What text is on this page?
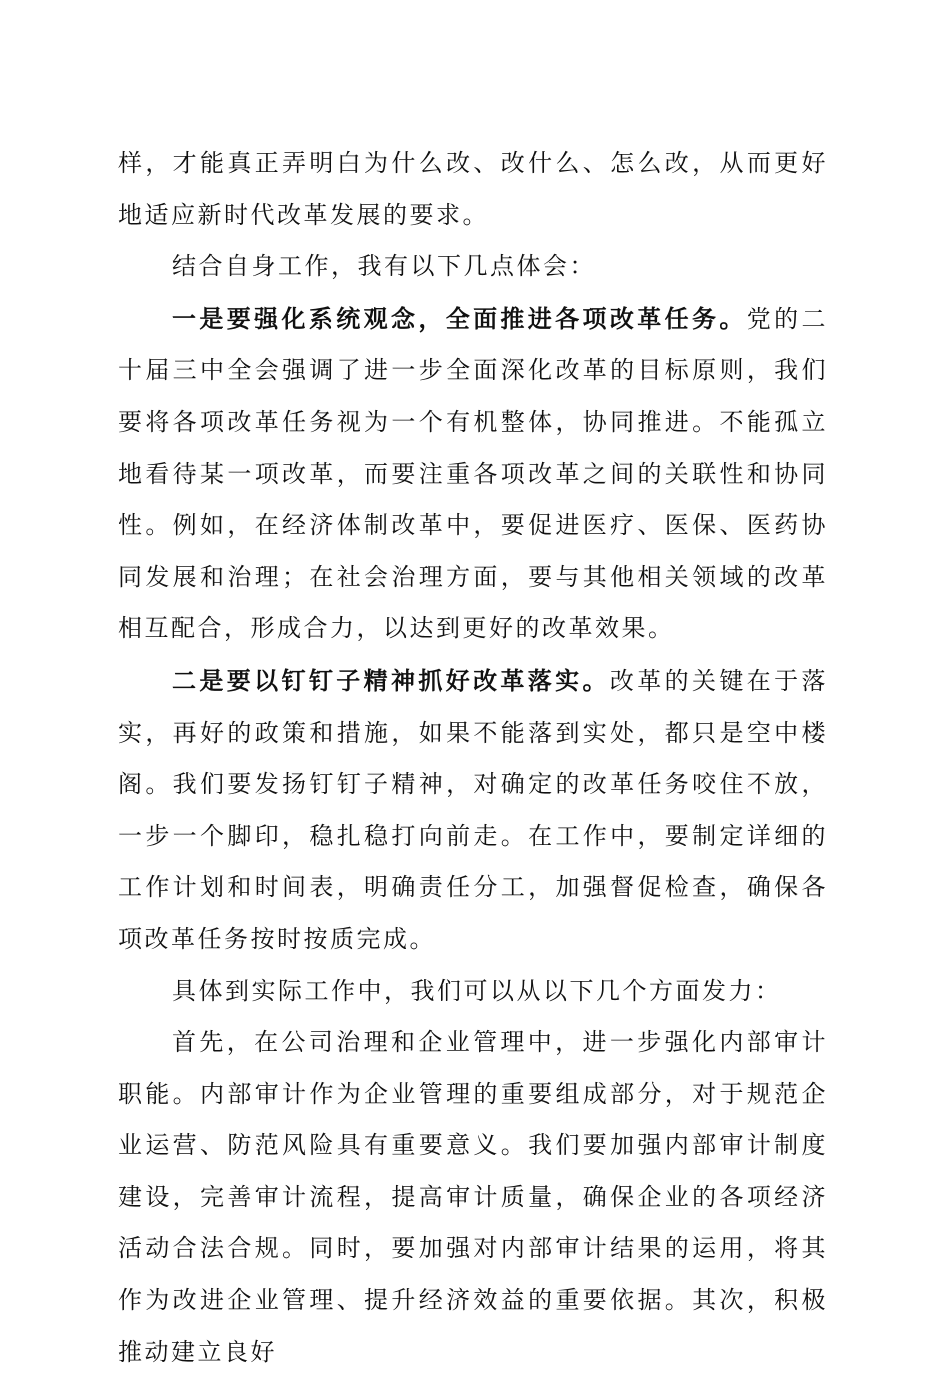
样，才能真正弄明白为什么改、改什么、怎么改，从而更好地适应新时代改革发展的要求。

结合自身工作，我有以下几点体会：

一是要强化系统观念，全面推进各项改革任务。党的二十届三中全会强调了进一步全面深化改革的目标原则，我们要将各项改革任务视为一个有机整体，协同推进。不能孤立地看待某一项改革，而要注重各项改革之间的关联性和协同性。例如，在经济体制改革中，要促进医疗、医保、医药协同发展和治理；在社会治理方面，要与其他相关领域的改革相互配合，形成合力，以达到更好的改革效果。

二是要以钉钉子精神抓好改革落实。改革的关键在于落实，再好的政策和措施，如果不能落到实处，都只是空中楼阁。我们要发扬钉钉子精神，对确定的改革任务咬住不放，一步一个脚印，稳扎稳打向前走。在工作中，要制定详细的工作计划和时间表，明确责任分工，加强督促检查，确保各项改革任务按时按质完成。

具体到实际工作中，我们可以从以下几个方面发力：

首先，在公司治理和企业管理中，进一步强化内部审计职能。内部审计作为企业管理的重要组成部分，对于规范企业运营、防范风险具有重要意义。我们要加强内部审计制度建设，完善审计流程，提高审计质量，确保企业的各项经济活动合法合规。同时，要加强对内部审计结果的运用，将其作为改进企业管理、提升经济效益的重要依据。其次，积极推动建立良好
